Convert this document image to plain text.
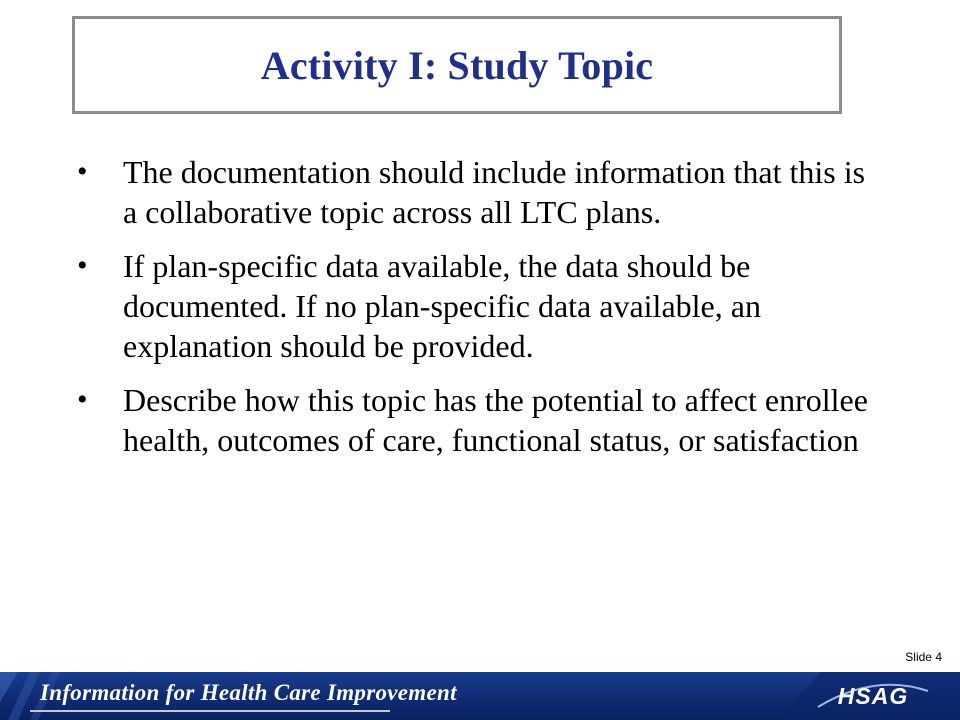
Activity I: Study Topic
• The documentation should include information that this is a collaborative topic across all LTC plans.
• If plan-specific data available, the data should be documented. If no plan-specific data available, an explanation should be provided.
• Describe how this topic has the potential to affect enrollee health, outcomes of care, functional status, or satisfaction
Slide 4
Information for Health Care Improvement	HSAG
